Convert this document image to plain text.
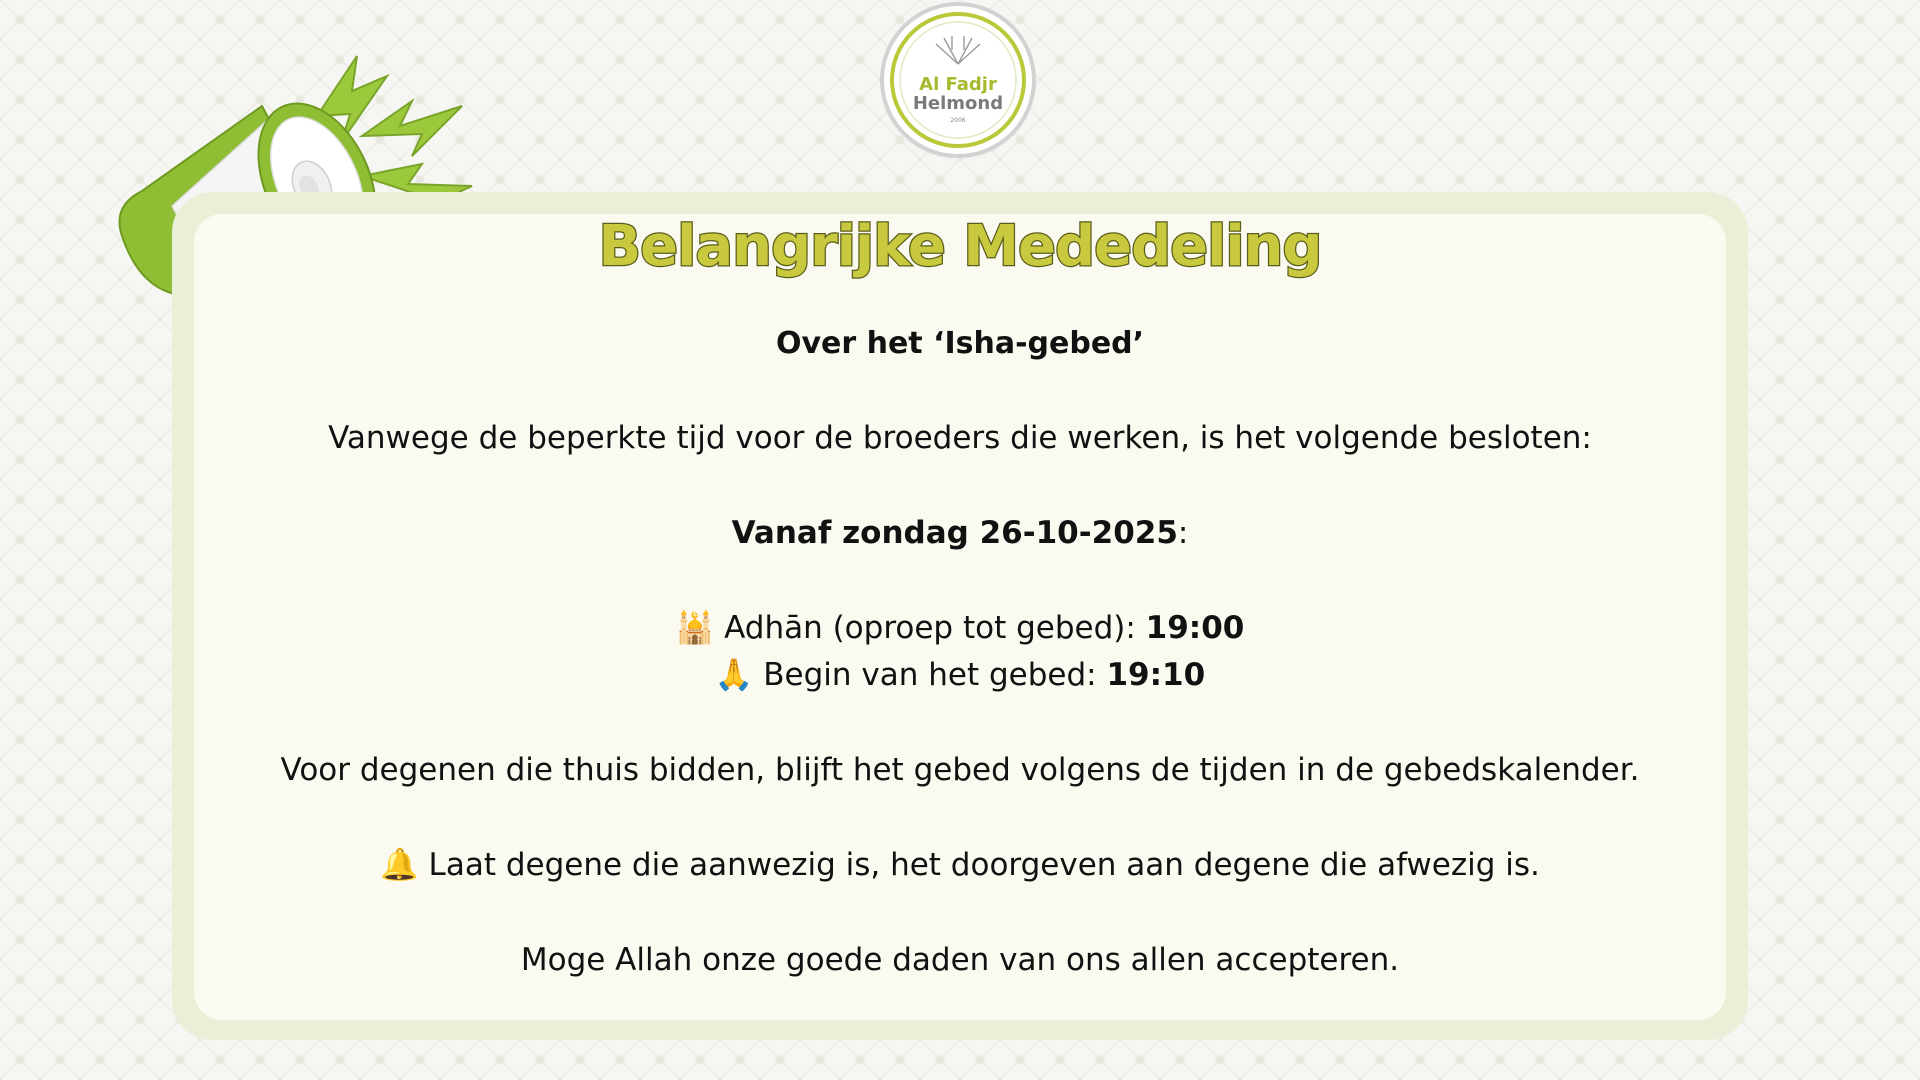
Al Fadjr
Helmond
2006
Belangrijke Mededeling
Over het ‘Isha-gebed’
Vanwege de beperkte tijd voor de broeders die werken, is het volgende besloten:
Vanaf zondag 26-10-2025:
🕌 Adhān (oproep tot gebed): 19:00
🙏 Begin van het gebed: 19:10
Voor degenen die thuis bidden, blijft het gebed volgens de tijden in de gebedskalender.
🔔 Laat degene die aanwezig is, het doorgeven aan degene die afwezig is.
Moge Allah onze goede daden van ons allen accepteren.
